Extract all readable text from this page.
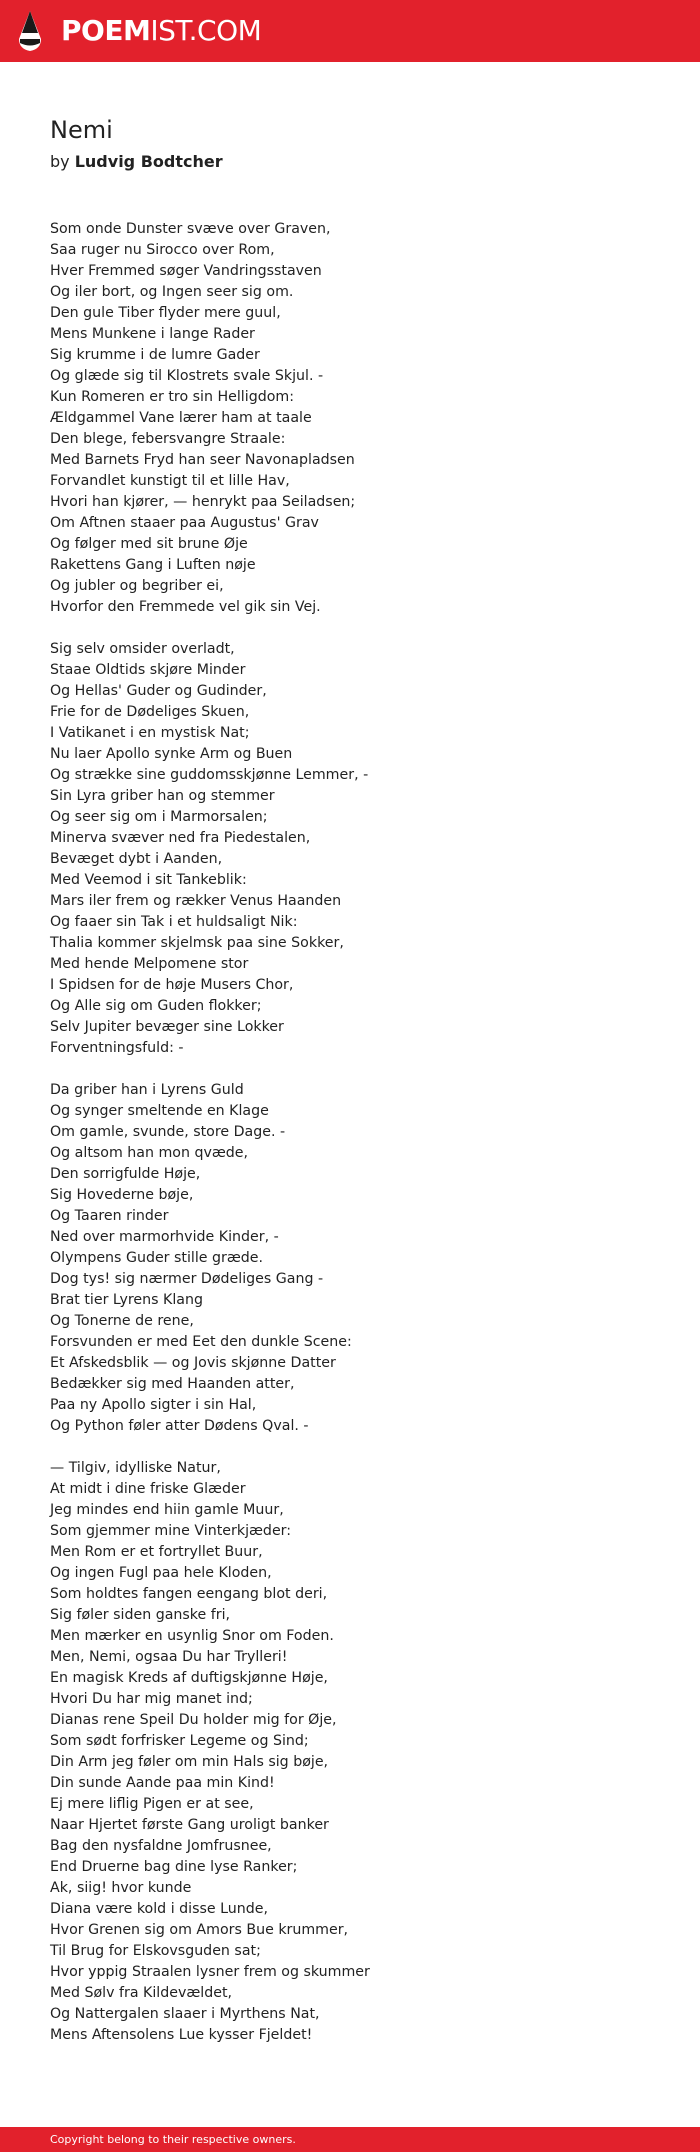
POEMIST.COM
Nemi
by Ludvig Bodtcher
Som onde Dunster svæve over Graven,
Saa ruger nu Sirocco over Rom,
Hver Fremmed søger Vandringsstaven
Og iler bort, og Ingen seer sig om.
Den gule Tiber flyder mere guul,
Mens Munkene i lange Rader
Sig krumme i de lumre Gader
Og glæde sig til Klostrets svale Skjul. -
Kun Romeren er tro sin Helligdom:
Ældgammel Vane lærer ham at taale
Den blege, febersvangre Straale:
Med Barnets Fryd han seer Navonapladsen
Forvandlet kunstigt til et lille Hav,
Hvori han kjører, — henrykt paa Seiladsen;
Om Aftnen staaer paa Augustus' Grav
Og følger med sit brune Øje
Rakettens Gang i Luften nøje
Og jubler og begriber ei,
Hvorfor den Fremmede vel gik sin Vej.
Sig selv omsider overladt,
Staae Oldtids skjøre Minder
Og Hellas' Guder og Gudinder,
Frie for de Dødeliges Skuen,
I Vatikanet i en mystisk Nat;
Nu laer Apollo synke Arm og Buen
Og strække sine guddomsskjønne Lemmer, -
Sin Lyra griber han og stemmer
Og seer sig om i Marmorsalen;
Minerva svæver ned fra Piedestalen,
Bevæget dybt i Aanden,
Med Veemod i sit Tankeblik:
Mars iler frem og rækker Venus Haanden
Og faaer sin Tak i et huldsaligt Nik:
Thalia kommer skjelmsk paa sine Sokker,
Med hende Melpomene stor
I Spidsen for de høje Musers Chor,
Og Alle sig om Guden flokker;
Selv Jupiter bevæger sine Lokker
Forventningsfuld: -
Da griber han i Lyrens Guld
Og synger smeltende en Klage
Om gamle, svunde, store Dage. -
Og altsom han mon qvæde,
Den sorrigfulde Høje,
Sig Hovederne bøje,
Og Taaren rinder
Ned over marmorhvide Kinder, -
Olympens Guder stille græde.
Dog tys! sig nærmer Dødeliges Gang -
Brat tier Lyrens Klang
Og Tonerne de rene,
Forsvunden er med Eet den dunkle Scene:
Et Afskedsblik — og Jovis skjønne Datter
Bedækker sig med Haanden atter,
Paa ny Apollo sigter i sin Hal,
Og Python føler atter Dødens Qval. -
— Tilgiv, idylliske Natur,
At midt i dine friske Glæder
Jeg mindes end hiin gamle Muur,
Som gjemmer mine Vinterkjæder:
Men Rom er et fortryllet Buur,
Og ingen Fugl paa hele Kloden,
Som holdtes fangen eengang blot deri,
Sig føler siden ganske fri,
Men mærker en usynlig Snor om Foden.
Men, Nemi, ogsaa Du har Trylleri!
En magisk Kreds af duftigskjønne Høje,
Hvori Du har mig manet ind;
Dianas rene Speil Du holder mig for Øje,
Som sødt forfrisker Legeme og Sind;
Din Arm jeg føler om min Hals sig bøje,
Din sunde Aande paa min Kind!
Ej mere liflig Pigen er at see,
Naar Hjertet første Gang uroligt banker
Bag den nysfaldne Jomfrusnee,
End Druerne bag dine lyse Ranker;
Ak, siig! hvor kunde
Diana være kold i disse Lunde,
Hvor Grenen sig om Amors Bue krummer,
Til Brug for Elskovsguden sat;
Hvor yppig Straalen lysner frem og skummer
Med Sølv fra Kildevældet,
Og Nattergalen slaaer i Myrthens Nat,
Mens Aftensolens Lue kysser Fjeldet!
Copyright belong to their respective owners.
